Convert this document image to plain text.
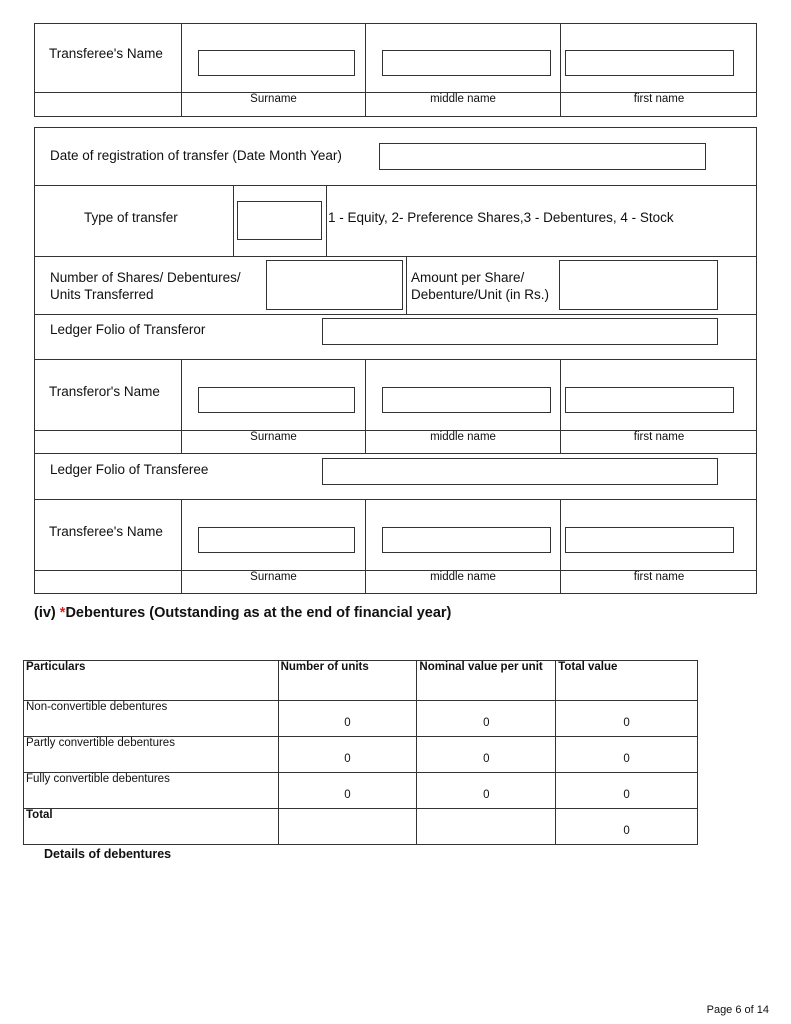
Transferee's Name
Surname	middle name	first name
Date of registration of transfer (Date Month Year)
Type of transfer	1 - Equity, 2- Preference Shares,3 - Debentures, 4 - Stock
Number of Shares/ Debentures/
Units Transferred
Amount per Share/
Debenture/Unit (in Rs.)
Ledger Folio of Transferor
Transferor's Name
Surname	middle name	first name
Ledger Folio of Transferee
Transferee's Name
Surname	middle name	first name
(iv) *Debentures (Outstanding as at the end of financial year)
Particulars	Number of units	Nominal value per unit	Total value
Non-convertible debentures	0	0	0
Partly convertible debentures	0	0	0
Fully convertible debentures	0	0	0
Total			0
Details of debentures
Page 6 of 14
